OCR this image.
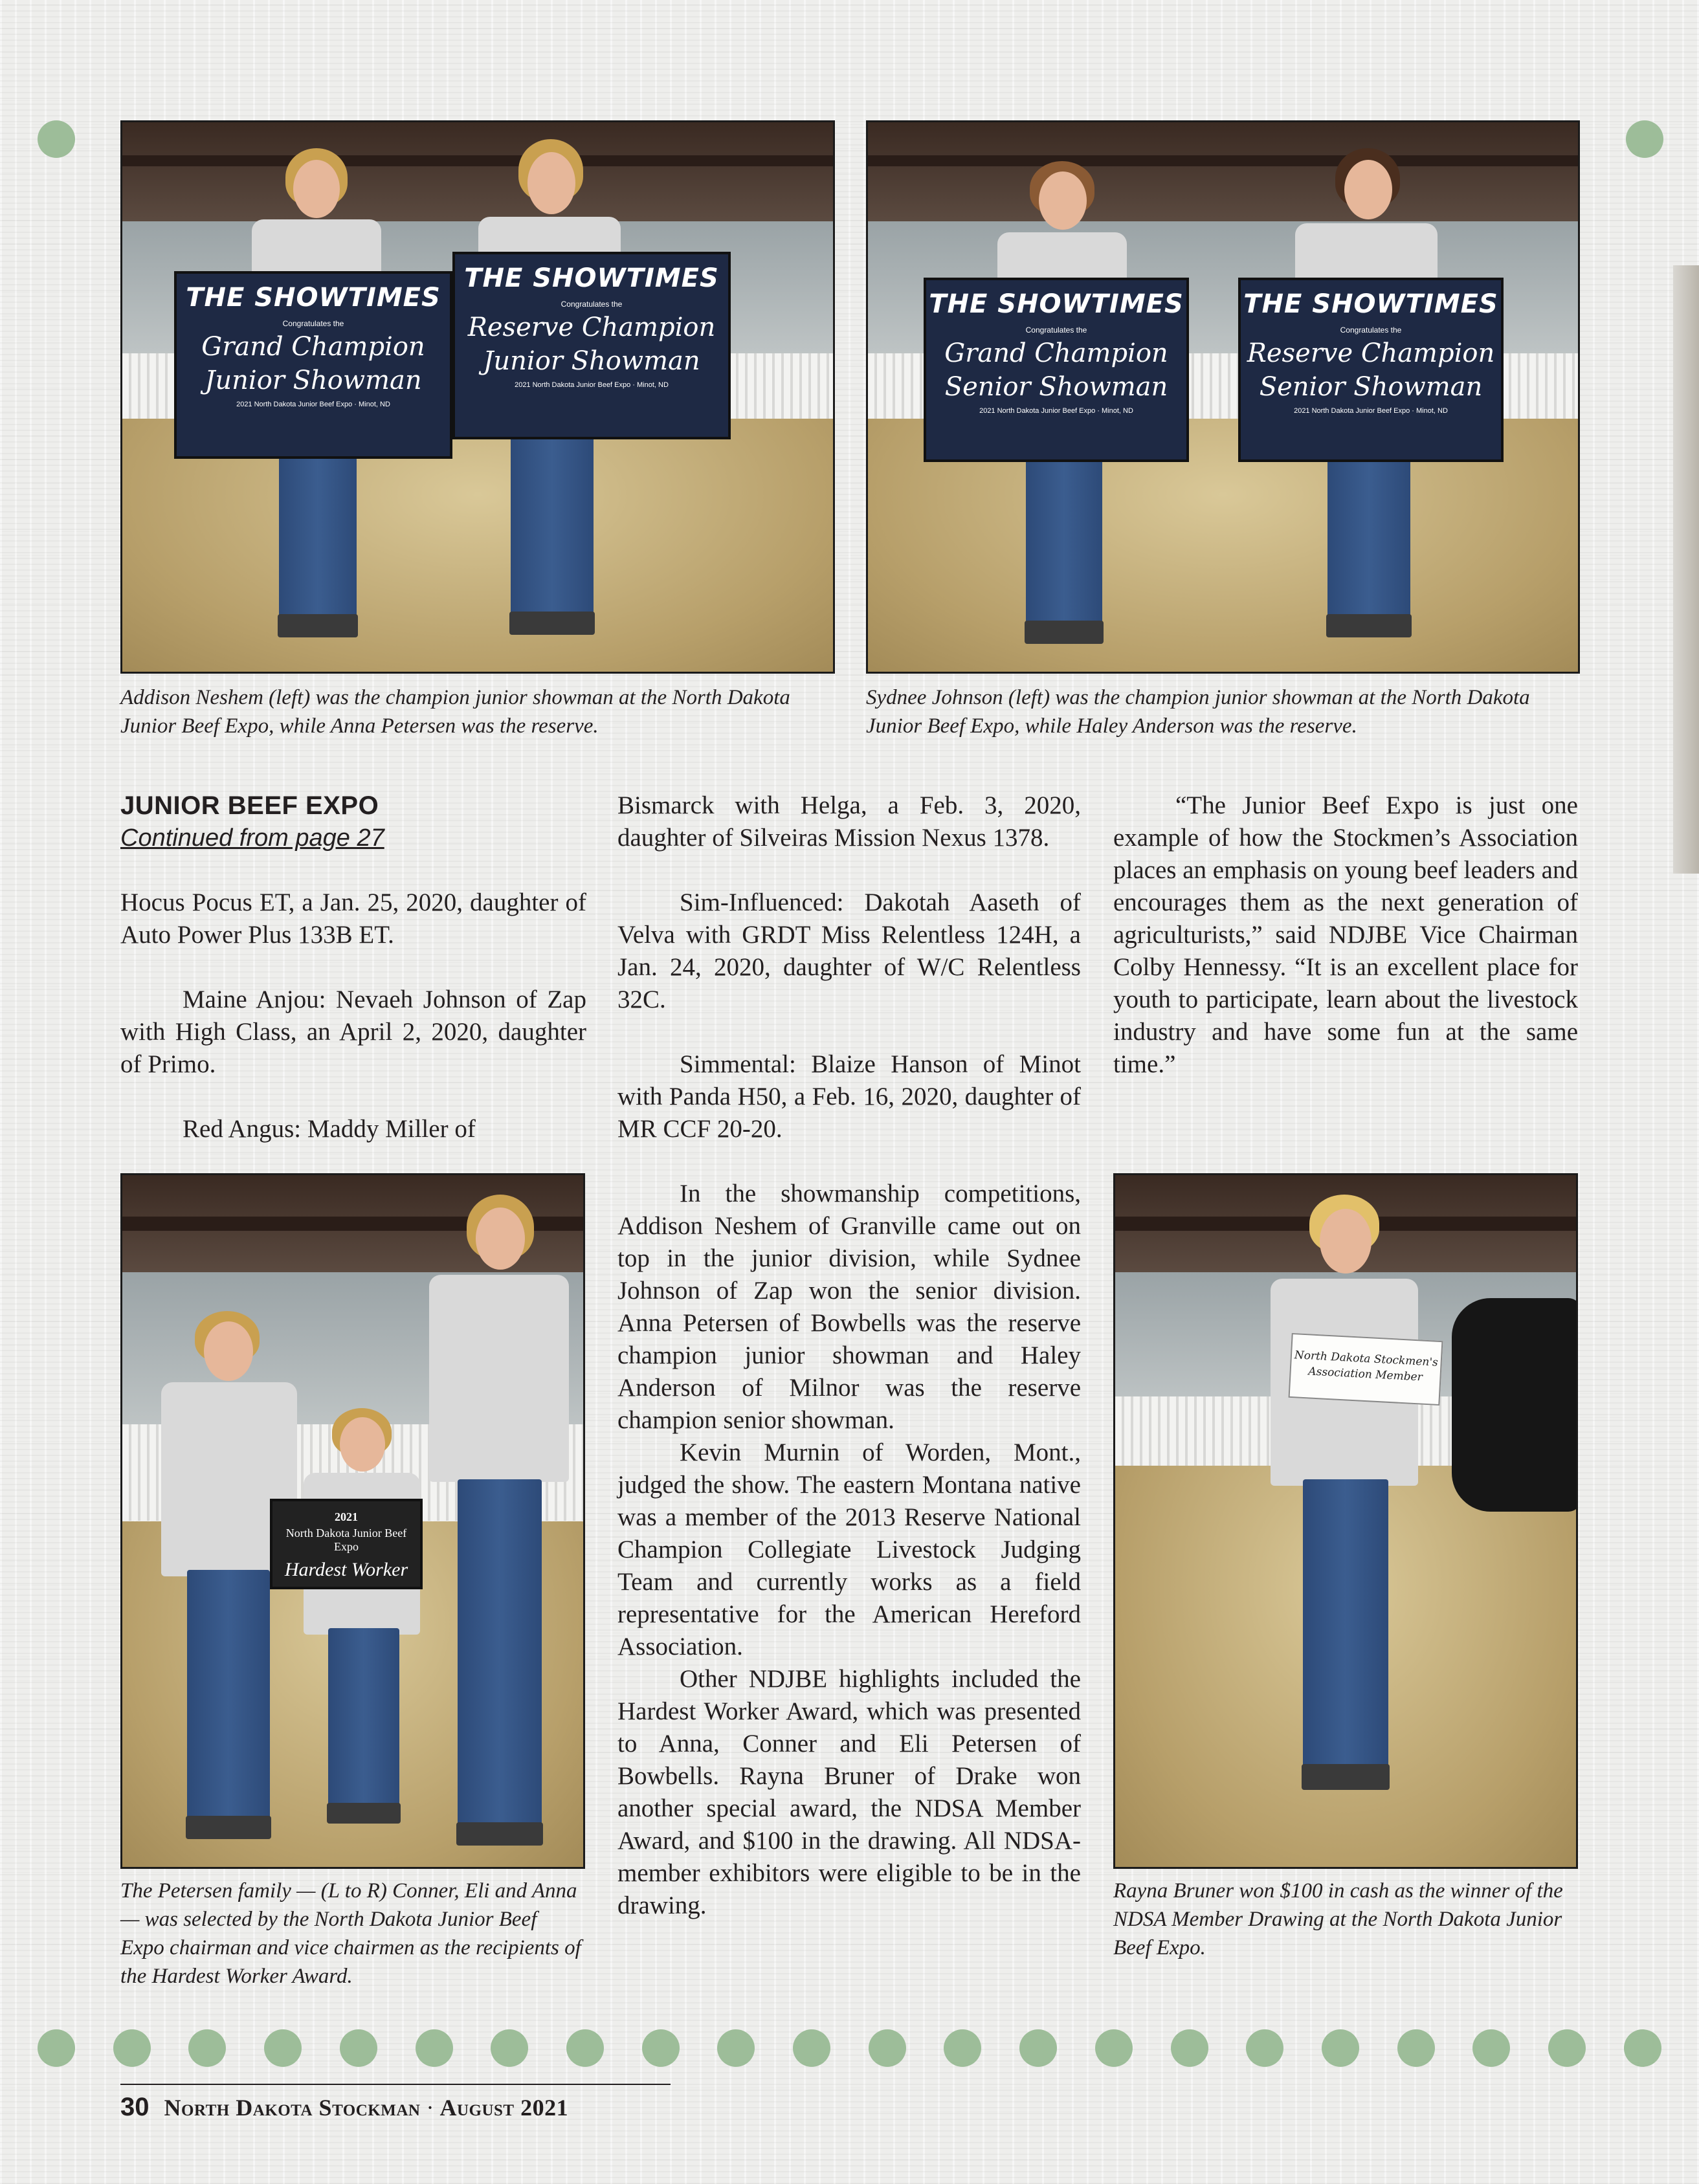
THE SHOWTIMES
Congratulates the
Grand Champion
Junior Showman
2021 North Dakota Junior Beef Expo · Minot, ND
THE SHOWTIMES
Congratulates the
Reserve Champion
Junior Showman
2021 North Dakota Junior Beef Expo · Minot, ND
Addison Neshem (left) was the champion junior showman at the North Dakota Junior Beef Expo, while Anna Petersen was the reserve.
THE SHOWTIMES
Congratulates the
Grand Champion
Senior Showman
2021 North Dakota Junior Beef Expo · Minot, ND
THE SHOWTIMES
Congratulates the
Reserve Champion
Senior Showman
2021 North Dakota Junior Beef Expo · Minot, ND
Sydnee Johnson (left) was the champion junior showman at the North Dakota Junior Beef Expo, while Haley Anderson was the reserve.
JUNIOR BEEF EXPO
Continued from page 27

Hocus Pocus ET, a Jan. 25, 2020, daughter of Auto Power Plus 133B ET.

Maine Anjou: Nevaeh Johnson of Zap with High Class, an April 2, 2020, daughter of Primo.

Red Angus: Maddy Miller of

2021
North Dakota Junior Beef Expo
Hardest Worker
The Petersen family — (L to R) Conner, Eli and Anna — was selected by the North Dakota Junior Beef Expo chairman and vice chairmen as the recipients of the Hardest Worker Award.

Bismarck with Helga, a Feb. 3, 2020, daughter of Silveiras Mission Nexus 1378.

Sim-Influenced: Dakotah Aaseth of Velva with GRDT Miss Relentless 124H, a Jan. 24, 2020, daughter of W/C Relentless 32C.

Simmental: Blaize Hanson of Minot with Panda H50, a Feb. 16, 2020, daughter of MR CCF 20-20.

In the showmanship competitions, Addison Neshem of Granville came out on top in the junior division, while Sydnee Johnson of Zap won the senior division. Anna Petersen of Bowbells was the reserve champion junior showman and Haley Anderson of Milnor was the reserve champion senior showman.

Kevin Murnin of Worden, Mont., judged the show. The eastern Montana native was a member of the 2013 Reserve National Champion Collegiate Livestock Judging Team and currently works as a field representative for the American Hereford Association.

Other NDJBE highlights included the Hardest Worker Award, which was presented to Anna, Conner and Eli Petersen of Bowbells. Rayna Bruner of Drake won another special award, the NDSA Member Award, and $100 in the drawing. All NDSA-member exhibitors were eligible to be in the drawing.

“The Junior Beef Expo is just one example of how the Stockmen’s Association places an emphasis on young beef leaders and encourages them as the next generation of agriculturists,” said NDJBE Vice Chairman Colby Hennessy. “It is an excellent place for youth to participate, learn about the livestock industry and have some fun at the same time.”

North Dakota Stockmen's
Association Member
Rayna Bruner won $100 in cash as the winner of the NDSA Member Drawing at the North Dakota Junior Beef Expo.
30 North Dakota Stockman · August 2021
